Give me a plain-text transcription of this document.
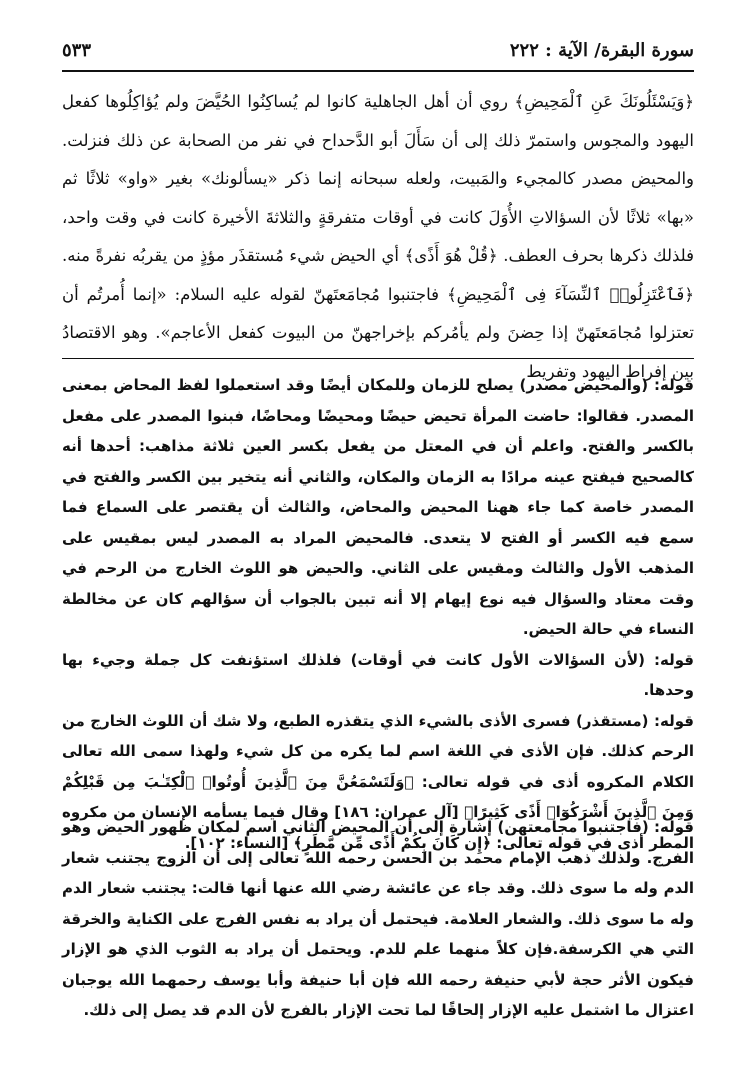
٥٣٣	سورة البقرة/ الآية : ٢٢٢

﴿وَيَسْئَلُونَكَ عَنِ ٱلْمَحِيضِ﴾ روي أن أهل الجاهلية كانوا لم يُساكِنُوا الحُيَّضَ ولم يُؤاكِلُوها كفعل اليهود والمجوس واستمرّ ذلك إلى أن سَأَلَ أبو الدَّحداح في نفر من الصحابة عن ذلك فنزلت. والمحيض مصدر كالمجيء والمَبيت، ولعله سبحانه إنما ذكر «يسألونك» بغير «واو» ثلاثًا ثم «بها» ثلاثًا لأن السؤالاتِ الأُوَلَ كانت في أوقات متفرقةٍ والثلاثةَ الأخيرة كانت في وقت واحد، فلذلك ذكرها بحرف العطف. ﴿قُلْ هُوَ أَذًى﴾ أي الحيض شيء مُستقذَر مؤذٍ من يقربُه نفرةً منه. ﴿فَٱعْتَزِلُوا۟ ٱلنِّسَآءَ فِى ٱلْمَحِيضِ﴾ فاجتنبوا مُجامَعتَهنّ لقوله عليه السلام: «إنما أُمرتُم أن تعتزلوا مُجامَعتَهنّ إذا حِضنَ ولم يأمُركم بإخراجهنّ من البيوت كفعل الأعاجم». وهو الاقتصادُ بين إفراط اليهود وتفريط

قوله: (والمحيض مصدر) يصلح للزمان وللمكان أيضًا وقد استعملوا لفظ المحاض بمعنى المصدر. فقالوا: حاضت المرأة تحيض حيضًا ومحيضًا ومحاضًا، فبنوا المصدر على مفعل بالكسر والفتح. واعلم أن في المعتل من يفعل بكسر العين ثلاثة مذاهب: أحدها أنه كالصحيح فيفتح عينه مرادًا به الزمان والمكان، والثاني أنه يتخير بين الكسر والفتح في المصدر خاصة كما جاء ههنا المحيض والمحاض، والثالث أن يقتصر على السماع فما سمع فيه الكسر أو الفتح لا يتعدى. فالمحيض المراد به المصدر ليس بمقيس على المذهب الأول والثالث ومقيس على الثاني. والحيض هو اللوث الخارج من الرحم في وقت معتاد والسؤال فيه نوع إيهام إلا أنه تبين بالجواب أن سؤالهم كان عن مخالطة النساء في حالة الحيض.

قوله: (لأن السؤالات الأول كانت في أوقات) فلذلك استؤنفت كل جملة وجيء بها وحدها.

قوله: (مستقذر) فسرى الأذى بالشيء الذي يتقذره الطبع، ولا شك أن اللوث الخارج من الرحم كذلك. فإن الأذى في اللغة اسم لما يكره من كل شيء ولهذا سمى الله تعالى الكلام المكروه أذى في قوله تعالى: ﴿وَلَتَسْمَعُنَّ مِنَ ٱلَّذِينَ أُوتُوا۟ ٱلْكِتَـٰبَ مِن قَبْلِكُمْ وَمِنَ ٱلَّذِينَ أَشْرَكُوٓا۟ أَذًى كَثِيرًا﴾ [آل عمران: ١٨٦] وقال فيما يسأمه الإنسان من مكروه المطر أذى في قوله تعالى: ﴿إِن كَانَ بِكُمْ أَذًى مِّن مَّطَرٍ﴾ [النساء: ١٠٢].

قوله: (فاجتنبوا مجامعتهن) إشارة إلى أن المحيض الثاني اسم لمكان ظهور الحيض وهو الفرج. ولذلك ذهب الإمام محمد بن الحسن رحمه الله تعالى إلى أن الزوج يجتنب شعار الدم وله ما سوى ذلك. وقد جاء عن عائشة رضي الله عنها أنها قالت: يجتنب شعار الدم وله ما سوى ذلك. والشعار العلامة. فيحتمل أن يراد به نفس الفرج على الكناية والخرقة التي هي الكرسفة.فإن كلاً منهما علم للدم. ويحتمل أن يراد به الثوب الذي هو الإزار فيكون الأثر حجة لأبي حنيفة رحمه الله فإن أبا حنيفة وأبا يوسف رحمهما الله يوجبان اعتزال ما اشتمل عليه الإزار إلحاقًا لما تحت الإزار بالفرج لأن الدم قد يصل إلى ذلك.
